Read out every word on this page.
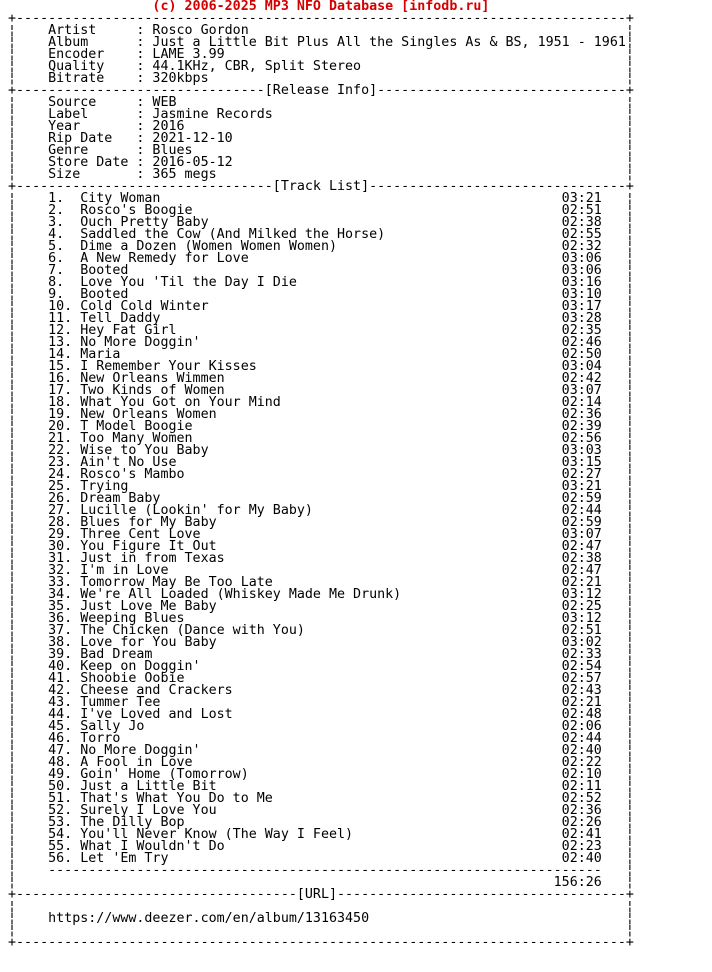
(c) 2006-2025 MP3 NFO Database [infodb.ru]
+----------------------------------------------------------------------------+
¦    Artist     : Rosco Gordon                                               ¦
¦    Album      : Just a Little Bit Plus All the Singles As & BS, 1951 - 1961¦
¦    Encoder    : LAME 3.99                                                  ¦
¦    Quality    : 44.1KHz, CBR, Split Stereo                                 ¦
¦    Bitrate    : 320kbps                                                    ¦
+-------------------------------[Release Info]-------------------------------+
¦    Source     : WEB                                                        ¦
¦    Label      : Jasmine Records                                            ¦
¦    Year       : 2016                                                       ¦
¦    Rip Date   : 2021-12-10                                                 ¦
¦    Genre      : Blues                                                      ¦
¦    Store Date : 2016-05-12                                                 ¦
¦    Size       : 365 megs                                                   ¦
+--------------------------------[Track List]--------------------------------+
¦    1.  City Woman                                                  03:21   ¦
¦    2.  Rosco's Boogie                                              02:51   ¦
¦    3.  Ouch Pretty Baby                                            02:38   ¦
¦    4.  Saddled the Cow (And Milked the Horse)                      02:55   ¦
¦    5.  Dime a Dozen (Women Women Women)                            02:32   ¦
¦    6.  A New Remedy for Love                                       03:06   ¦
¦    7.  Booted                                                      03:06   ¦
¦    8.  Love You 'Til the Day I Die                                 03:16   ¦
¦    9.  Booted                                                      03:10   ¦
¦    10. Cold Cold Winter                                            03:17   ¦
¦    11. Tell Daddy                                                  03:28   ¦
¦    12. Hey Fat Girl                                                02:35   ¦
¦    13. No More Doggin'                                             02:46   ¦
¦    14. Maria                                                       02:50   ¦
¦    15. I Remember Your Kisses                                      03:04   ¦
¦    16. New Orleans Wimmen                                          02:42   ¦
¦    17. Two Kinds of Women                                          03:07   ¦
¦    18. What You Got on Your Mind                                   02:14   ¦
¦    19. New Orleans Women                                           02:36   ¦
¦    20. T Model Boogie                                              02:39   ¦
¦    21. Too Many Women                                              02:56   ¦
¦    22. Wise to You Baby                                            03:03   ¦
¦    23. Ain't No Use                                                03:15   ¦
¦    24. Rosco's Mambo                                               02:27   ¦
¦    25. Trying                                                      03:21   ¦
¦    26. Dream Baby                                                  02:59   ¦
¦    27. Lucille (Lookin' for My Baby)                               02:44   ¦
¦    28. Blues for My Baby                                           02:59   ¦
¦    29. Three Cent Love                                             03:07   ¦
¦    30. You Figure It Out                                           02:47   ¦
¦    31. Just in from Texas                                          02:38   ¦
¦    32. I'm in Love                                                 02:47   ¦
¦    33. Tomorrow May Be Too Late                                    02:21   ¦
¦    34. We're All Loaded (Whiskey Made Me Drunk)                    03:12   ¦
¦    35. Just Love Me Baby                                           02:25   ¦
¦    36. Weeping Blues                                               03:12   ¦
¦    37. The Chicken (Dance with You)                                02:51   ¦
¦    38. Love for You Baby                                           03:02   ¦
¦    39. Bad Dream                                                   02:33   ¦
¦    40. Keep on Doggin'                                             02:54   ¦
¦    41. Shoobie Oobie                                               02:57   ¦
¦    42. Cheese and Crackers                                         02:43   ¦
¦    43. Tummer Tee                                                  02:21   ¦
¦    44. I've Loved and Lost                                         02:48   ¦
¦    45. Sally Jo                                                    02:06   ¦
¦    46. Torro                                                       02:44   ¦
¦    47. No More Doggin'                                             02:40   ¦
¦    48. A Fool in Love                                              02:22   ¦
¦    49. Goin' Home (Tomorrow)                                       02:10   ¦
¦    50. Just a Little Bit                                           02:11   ¦
¦    51. That's What You Do to Me                                    02:52   ¦
¦    52. Surely I Love You                                           02:36   ¦
¦    53. The Dilly Bop                                               02:26   ¦
¦    54. You'll Never Know (The Way I Feel)                          02:41   ¦
¦    55. What I Wouldn't Do                                          02:23   ¦
¦    56. Let 'Em Try                                                 02:40   ¦
¦    ---------------------------------------------------------------------   ¦
¦                                                                   156:26   ¦
+-----------------------------------[URL]------------------------------------+
¦                                                                            ¦
¦    https://www.deezer.com/en/album/13163450                                ¦
¦                                                                            ¦
+----------------------------------------------------------------------------+
